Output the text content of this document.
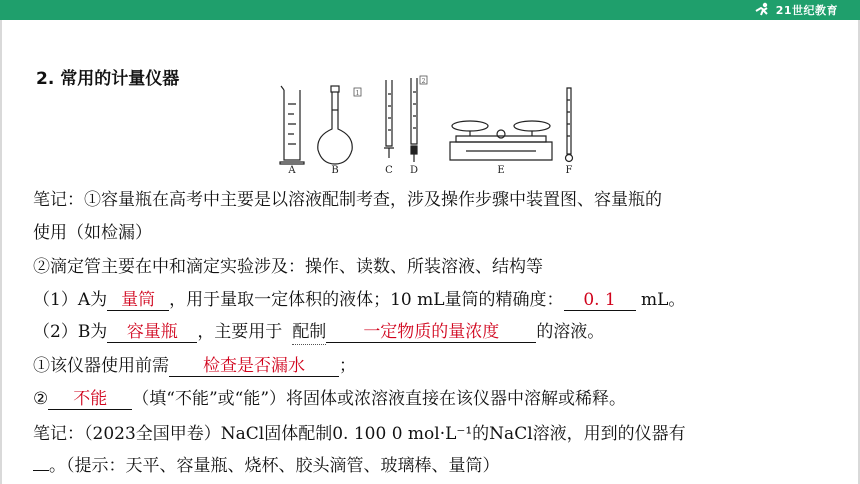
21世纪教育
2. 常用的计量仪器
A	B	C D	E	F
1
2
笔记：①容量瓶在高考中主要是以溶液配制考查，涉及操作步骤中装置图、容量瓶的
使用（如检漏）
②滴定管主要在中和滴定实验涉及：操作、读数、所装溶液、结构等
（1）A为 量筒 ，用于量取一定体积的液体；10 mL量筒的精确度： 0. 1 mL。
（2）B为 容量瓶 ，主要用于 配制 一定物质的量浓度 的溶液。
①该仪器使用前需 检查是否漏水 ；
② 不能 （填“不能”或“能”）将固体或浓溶液直接在该仪器中溶解或稀释。
笔记：（2023全国甲卷）NaCl固体配制0. 100 0 mol·L⁻¹的NaCl溶液，用到的仪器有
。（提示：天平、容量瓶、烧杯、胶头滴管、玻璃棒、量筒）
